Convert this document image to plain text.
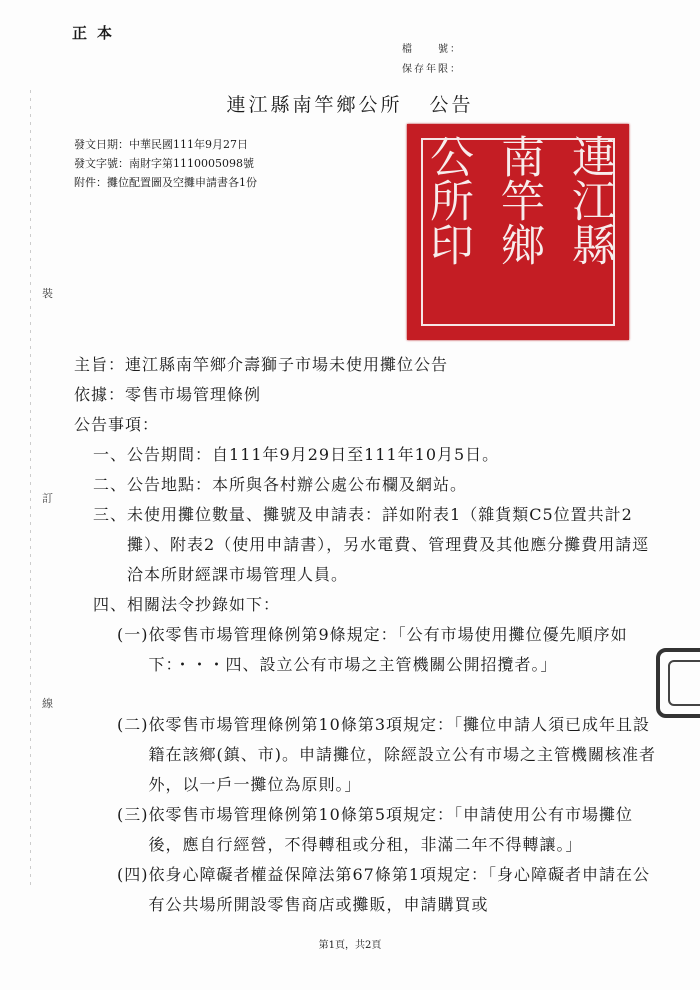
正本
檔　　號：
保存年限：
連江縣南竿鄉公所 公告
發文日期：中華民國111年9月27日
發文字號：南財字第1110005098號
附件：攤位配置圖及空攤申請書各1份	連江縣
南竿鄉
公所印
裝
訂
線
主旨：連江縣南竿鄉介壽獅子市場未使用攤位公告
依據：零售市場管理條例
公告事項：
一、 公告期間：自111年9月29日至111年10月5日。
二、 公告地點：本所與各村辦公處公布欄及網站。
三、 未使用攤位數量、攤號及申請表：詳如附表1（雜貨類C5位置共計2攤）、附表2（使用申請書），另水電費、管理費及其他應分攤費用請逕洽本所財經課市場管理人員。
四、 相關法令抄錄如下：
(一) 依零售市場管理條例第9條規定：「公有市場使用攤位優先順序如下：・・・四、設立公有市場之主管機關公開招攬者。」
(二) 依零售市場管理條例第10條第3項規定：「攤位申請人須已成年且設籍在該鄉(鎮、市)。申請攤位，除經設立公有市場之主管機關核准者外，以一戶一攤位為原則。」
(三) 依零售市場管理條例第10條第5項規定：「申請使用公有市場攤位後，應自行經營，不得轉租或分租，非滿二年不得轉讓。」
(四) 依身心障礙者權益保障法第67條第1項規定：「身心障礙者申請在公有公共場所開設零售商店或攤販，申請購買或
第1頁，共2頁
